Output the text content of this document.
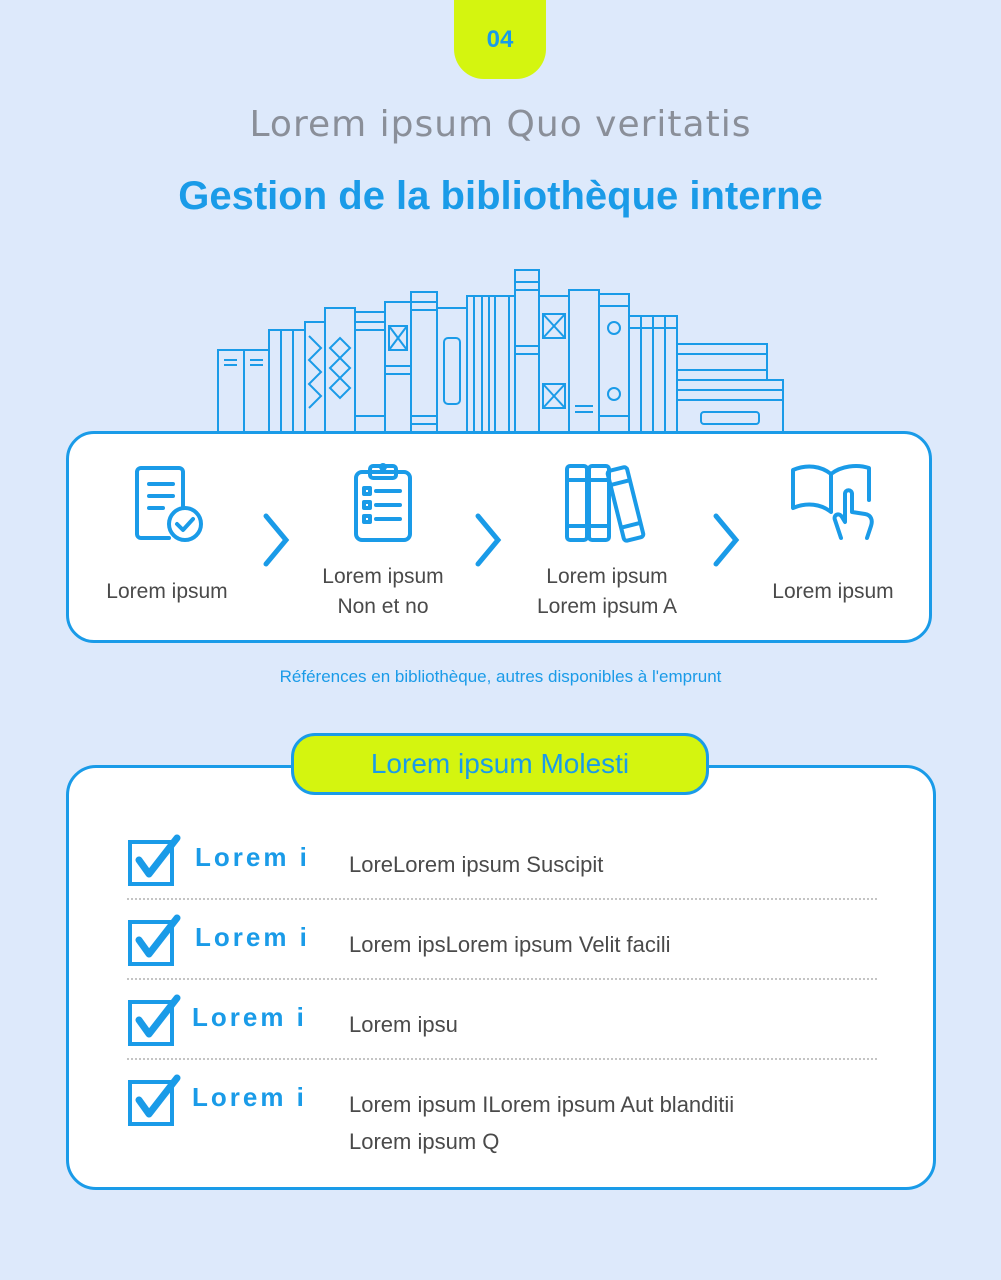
04
Lorem ipsum Quo veritatis
Gestion de la bibliothèque interne
Lorem ipsum
Lorem ipsum
Non et no
Lorem ipsum
Lorem ipsum A
Lorem ipsum
Références en bibliothèque, autres disponibles à l'emprunt
Lorem i LoreLorem ipsum Suscipit
Lorem i Lorem ipsLorem ipsum Velit facili
Lorem i Lorem ipsu
Lorem i Lorem ipsum ILorem ipsum Aut blanditii
Lorem ipsum Q
Lorem ipsum Molesti
